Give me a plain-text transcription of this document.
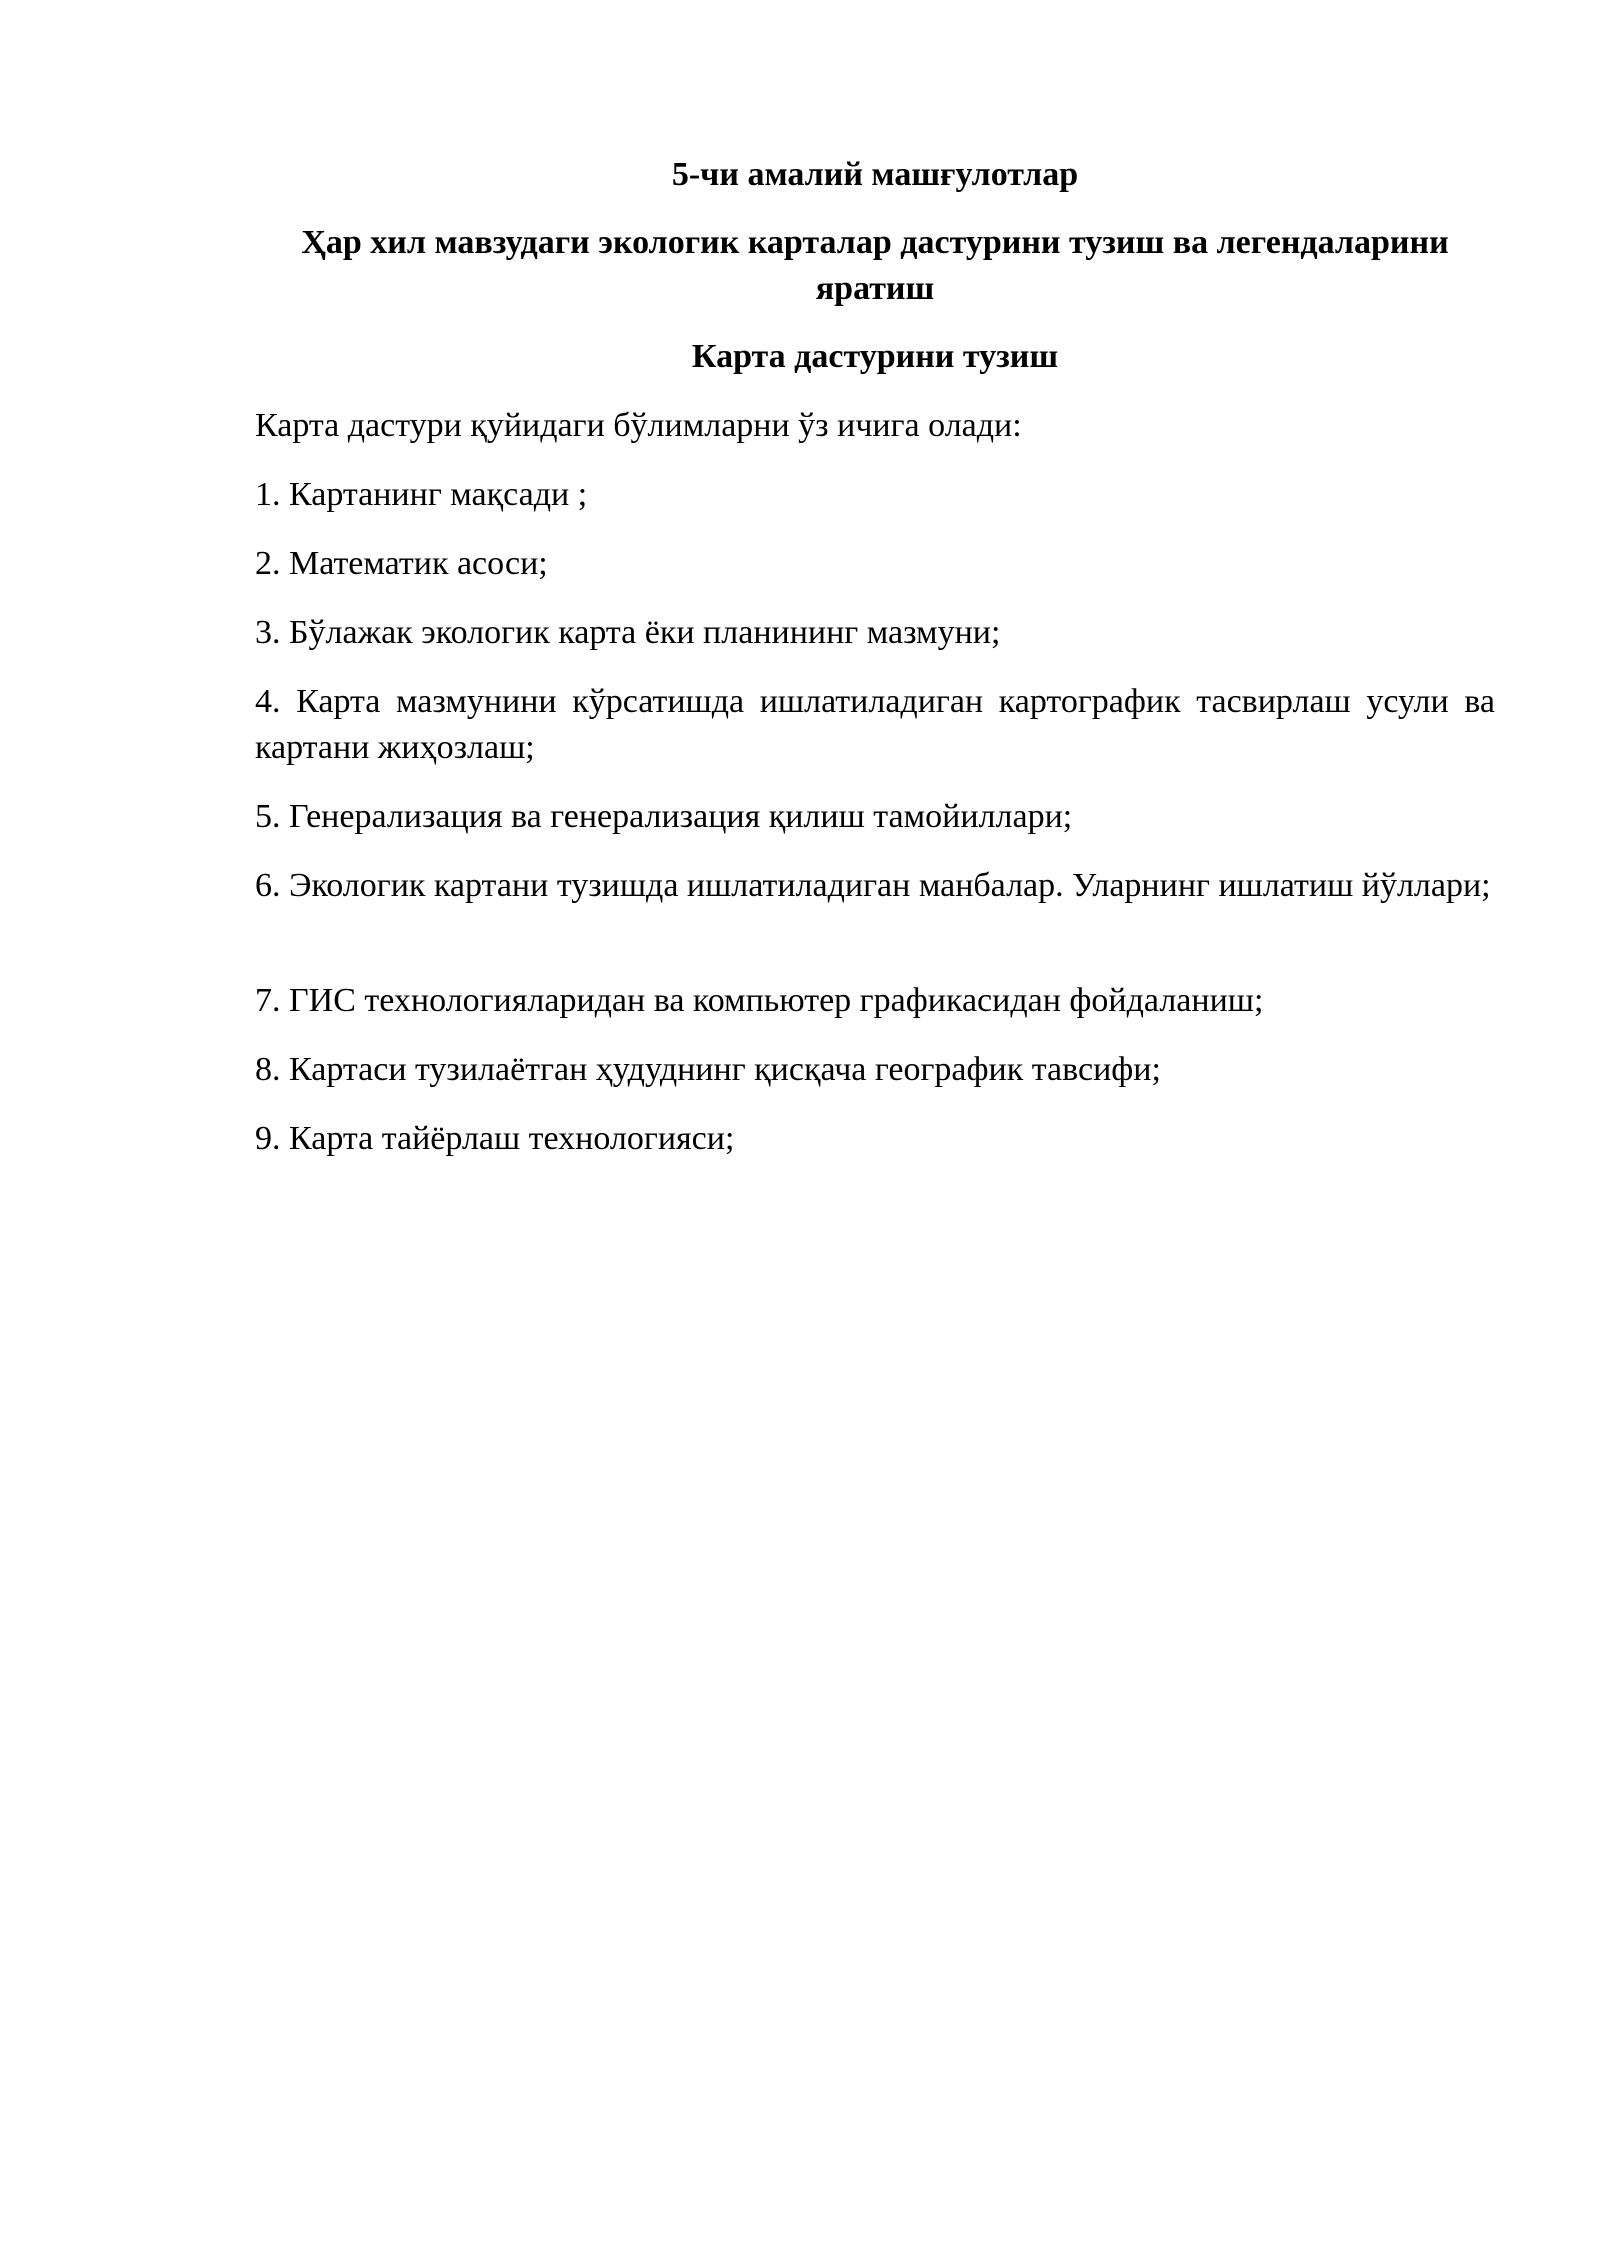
5-чи амалий машғулотлар
Ҳар хил мавзудаги экологик карталар дастурини тузиш ва легендаларини яратиш
Карта дастурини тузиш
Карта дастури қуйидаги бўлимларни ўз ичига олади:
1. Картанинг мақсади ;
2. Математик асоси;
3. Бўлажак экологик карта ёки планининг мазмуни;
4. Карта мазмунини кўрсатишда ишлатиладиган картографик тасвирлаш усули ва картани жиҳозлаш;
5. Генерализация ва генерализация қилиш тамойиллари;
6. Экологик картани тузишда ишлатиладиган манбалар. Уларнинг ишлатиш йўллари;
7. ГИС технологияларидан ва компьютер графикасидан фойдаланиш;
8. Картаси тузилаётган ҳудуднинг қисқача географик тавсифи;
9. Карта тайёрлаш технологияси;
